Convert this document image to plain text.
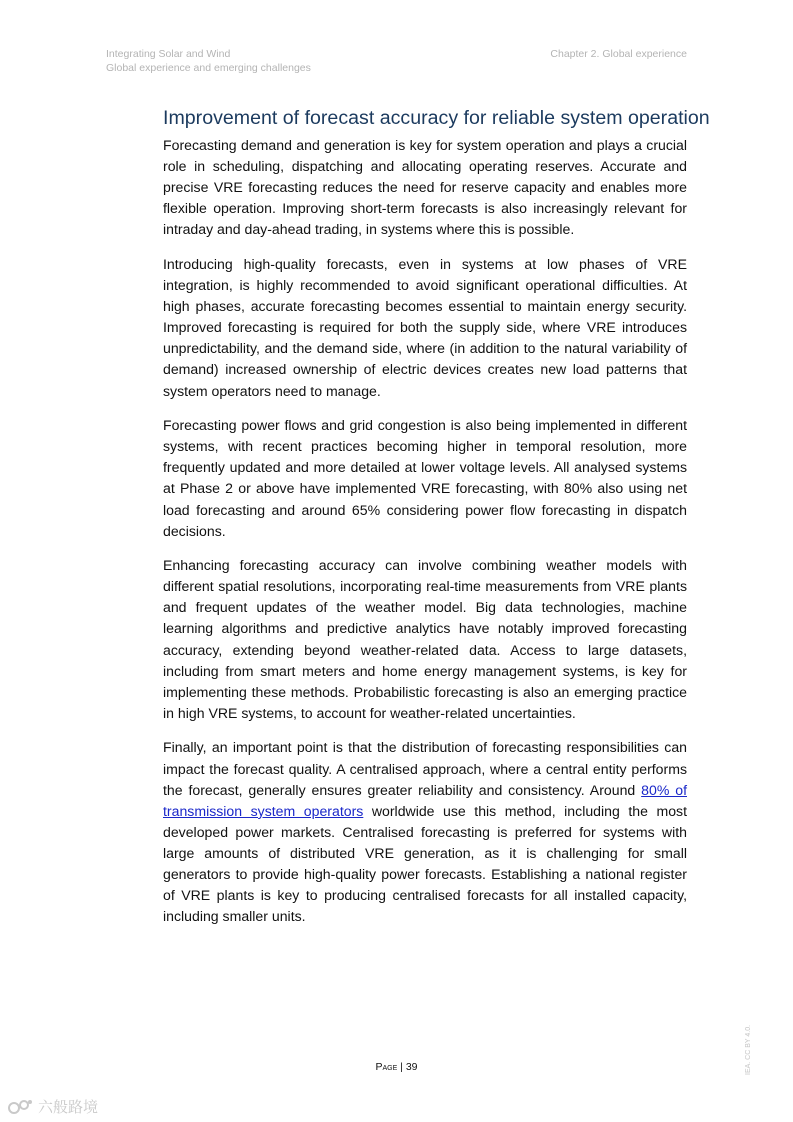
Integrating Solar and Wind
Global experience and emerging challenges
Chapter 2. Global experience
Improvement of forecast accuracy for reliable system operation

Forecasting demand and generation is key for system operation and plays a crucial role in scheduling, dispatching and allocating operating reserves. Accurate and precise VRE forecasting reduces the need for reserve capacity and enables more flexible operation. Improving short-term forecasts is also increasingly relevant for intraday and day-ahead trading, in systems where this is possible.

Introducing high-quality forecasts, even in systems at low phases of VRE integration, is highly recommended to avoid significant operational difficulties. At high phases, accurate forecasting becomes essential to maintain energy security. Improved forecasting is required for both the supply side, where VRE introduces unpredictability, and the demand side, where (in addition to the natural variability of demand) increased ownership of electric devices creates new load patterns that system operators need to manage.

Forecasting power flows and grid congestion is also being implemented in different systems, with recent practices becoming higher in temporal resolution, more frequently updated and more detailed at lower voltage levels. All analysed systems at Phase 2 or above have implemented VRE forecasting, with 80% also using net load forecasting and around 65% considering power flow forecasting in dispatch decisions.

Enhancing forecasting accuracy can involve combining weather models with different spatial resolutions, incorporating real-time measurements from VRE plants and frequent updates of the weather model. Big data technologies, machine learning algorithms and predictive analytics have notably improved forecasting accuracy, extending beyond weather-related data. Access to large datasets, including from smart meters and home energy management systems, is key for implementing these methods. Probabilistic forecasting is also an emerging practice in high VRE systems, to account for weather-related uncertainties.

Finally, an important point is that the distribution of forecasting responsibilities can impact the forecast quality. A centralised approach, where a central entity performs the forecast, generally ensures greater reliability and consistency. Around 80% of transmission system operators worldwide use this method, including the most developed power markets. Centralised forecasting is preferred for systems with large amounts of distributed VRE generation, as it is challenging for small generators to provide high-quality power forecasts. Establishing a national register of VRE plants is key to producing centralised forecasts for all installed capacity, including smaller units.

Page | 39	IEA. CC BY 4.0.
六般路境
